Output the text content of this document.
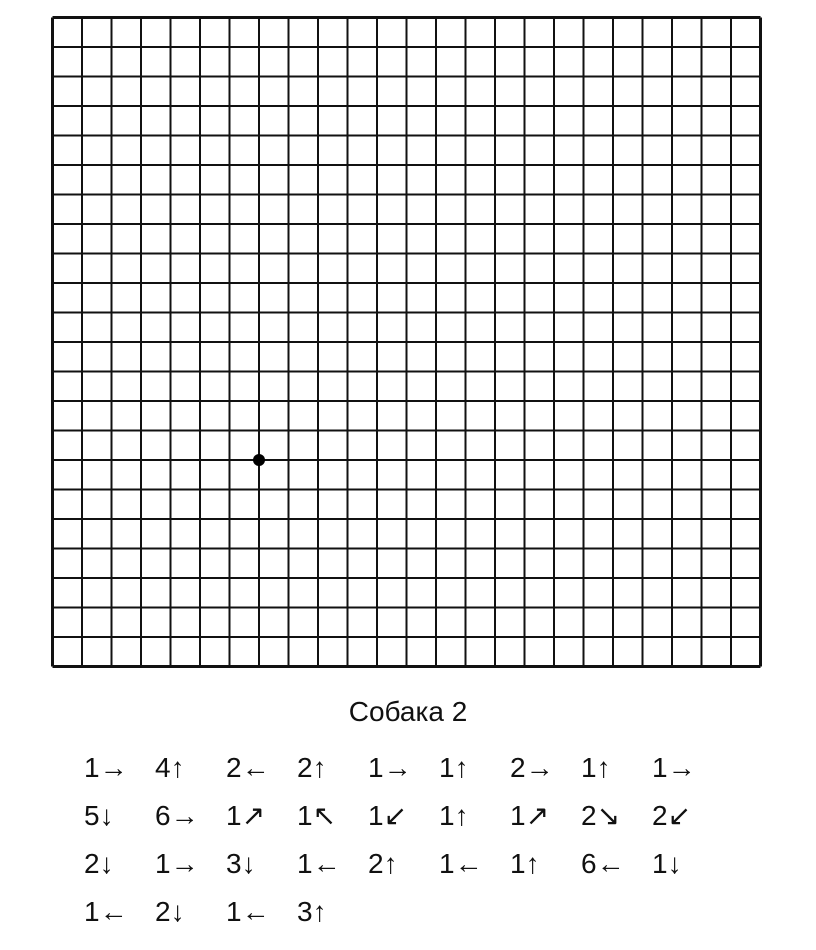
Собака 2
1→ 4↑ 2← 2↑ 1→ 1↑ 2→ 1↑ 1→
5↓ 6→ 1↗ 1↖ 1↙ 1↑ 1↗ 2↘ 2↙
2↓ 1→ 3↓ 1← 2↑ 1← 1↑ 6← 1↓
1← 2↓ 1← 3↑
